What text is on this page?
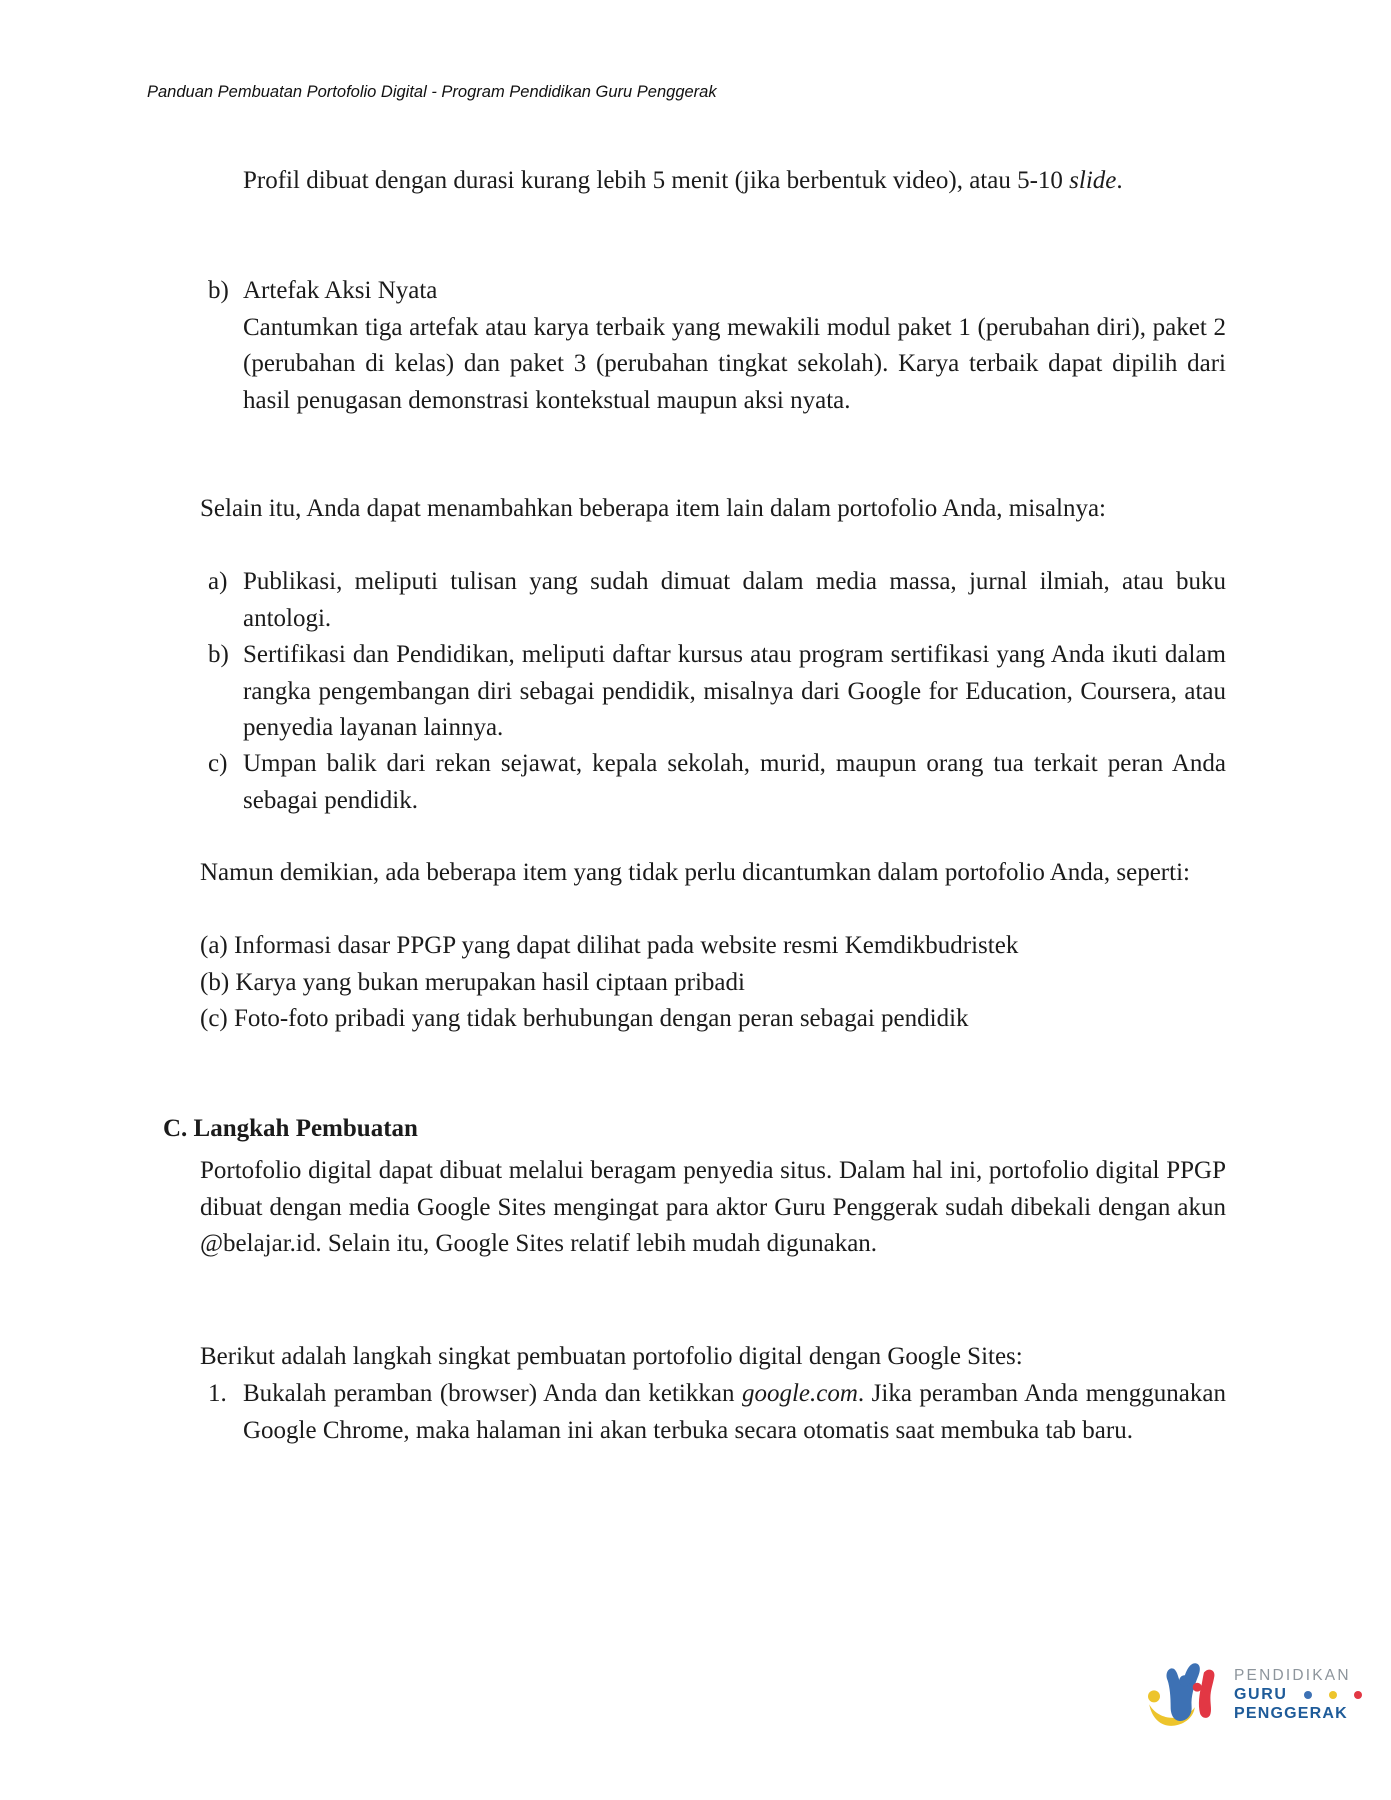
Panduan Pembuatan Portofolio Digital - Program Pendidikan Guru Penggerak
Profil dibuat dengan durasi kurang lebih 5 menit (jika berbentuk video), atau 5-10 slide.
b) Artefak Aksi Nyata
Cantumkan tiga artefak atau karya terbaik yang mewakili modul paket 1 (perubahan diri), paket 2 (perubahan di kelas) dan paket 3 (perubahan tingkat sekolah). Karya terbaik dapat dipilih dari hasil penugasan demonstrasi kontekstual maupun aksi nyata.
Selain itu, Anda dapat menambahkan beberapa item lain dalam portofolio Anda, misalnya:
a) Publikasi, meliputi tulisan yang sudah dimuat dalam media massa, jurnal ilmiah, atau buku antologi.
b) Sertifikasi dan Pendidikan, meliputi daftar kursus atau program sertifikasi yang Anda ikuti dalam rangka pengembangan diri sebagai pendidik, misalnya dari Google for Education, Coursera, atau penyedia layanan lainnya.
c) Umpan balik dari rekan sejawat, kepala sekolah, murid, maupun orang tua terkait peran Anda sebagai pendidik.
Namun demikian, ada beberapa item yang tidak perlu dicantumkan dalam portofolio Anda, seperti:
(a) Informasi dasar PPGP yang dapat dilihat pada website resmi Kemdikbudristek
(b) Karya yang bukan merupakan hasil ciptaan pribadi
(c) Foto-foto pribadi yang tidak berhubungan dengan peran sebagai pendidik
C. Langkah Pembuatan
Portofolio digital dapat dibuat melalui beragam penyedia situs. Dalam hal ini, portofolio digital PPGP dibuat dengan media Google Sites mengingat para aktor Guru Penggerak sudah dibekali dengan akun @belajar.id. Selain itu, Google Sites relatif lebih mudah digunakan.
Berikut adalah langkah singkat pembuatan portofolio digital dengan Google Sites:
1. Bukalah peramban (browser) Anda dan ketikkan google.com. Jika peramban Anda menggunakan Google Chrome, maka halaman ini akan terbuka secara otomatis saat membuka tab baru.
PENDIDIKAN
GURU
PENGGERAK
